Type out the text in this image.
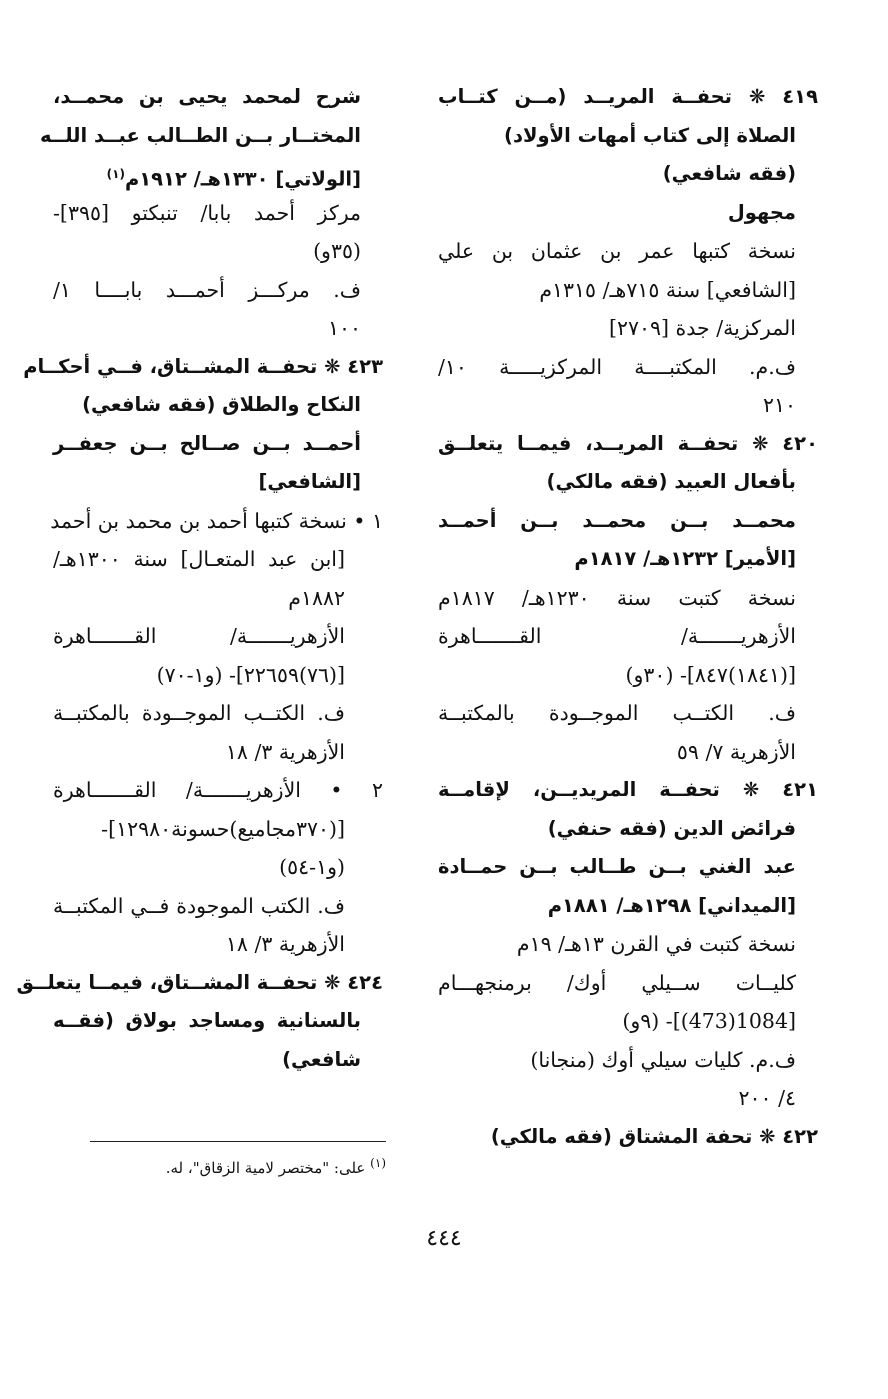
٤١٩ ❋ تحفــة المريــد (مــن كتــاب
الصلاة إلى كتاب أمهات الأولاد)
(فقه شافعي)
مجهول
نسخة كتبها عمر بن عثمان بن علي
[الشافعي] سنة ٧١٥هـ/ ١٣١٥م
المركزية/ جدة [٢٧٠٩]
ف.م. المكتبــــة المركزيـــــة ١٠/
٢١٠
٤٢٠ ❋ تحفــة المريــد، فيمــا يتعلــق
بأفعال العبيد (فقه مالكي)
محمــد بــن محمــد بــن أحمــد
[الأمير] ١٢٣٢هـ/ ١٨١٧م
نسخة كتبت سنة ١٢٣٠هـ/ ١٨١٧م
الأزهريـــــــة/ القـــــــاهرة
[(١٨٤١)٨٤٧]- (٣٠و)
ف. الكتــب الموجــودة بالمكتبــة
الأزهرية ٧/ ٥٩
٤٢١ ❋ تحفــة المريديــن، لإقامــة
فرائض الدين (فقه حنفي)
عبد الغني بــن طــالب بــن حمــادة
[الميداني] ١٢٩٨هـ/ ١٨٨١م
نسخة كتبت في القرن ١٣هـ/ ١٩م
كليــات ســيلي أوك/ برمنجهـــام
[1084(473)]- (٩و)
ف.م. كليات سيلي أوك (منجانا)
٤/ ٢٠٠
٤٢٢ ❋ تحفة المشتاق (فقه مالكي)
شرح لمحمد يحيى بن محمــد،
المختــار بــن الطــالب عبــد اللــه
[الولاتي] ١٣٣٠هـ/ ١٩١٢م$^{(١)}$
مركز أحمد بابا/ تنبكتو [٣٩٥]-
(٣٥و)
ف. مركـــز أحمـــد بابــــا ١/
١٠٠
٤٢٣ ❋ تحفــة المشــتاق، فــي أحكــام
النكاح والطلاق (فقه شافعي)
أحمــد بــن صــالح بــن جعفــر
[الشافعي]
١ • نسخة كتبها أحمد بن محمد بن أحمد
[ابن عبد المتعـال] سنة ١٣٠٠هـ/
١٨٨٢م
الأزهريـــــــة/ القـــــــاهرة
[(٧٦)٢٢٦٥٩]- (و١-٧٠)
ف. الكتــب الموجــودة بالمكتبــة
الأزهرية ٣/ ١٨
٢ • الأزهريـــــــة/ القـــــــاهرة
[(٣٧٠مجاميع)حسونة١٢٩٨٠]-
(و١-٥٤)
ف. الكتب الموجودة فــي المكتبــة
الأزهرية ٣/ ١٨
٤٢٤ ❋ تحفــة المشــتاق، فيمــا يتعلــق
بالسنانية ومساجد بولاق (فقــه
شافعي)
$^{(١)}$ على: "مختصر لامية الزقاق"، له.
٤٤٤
